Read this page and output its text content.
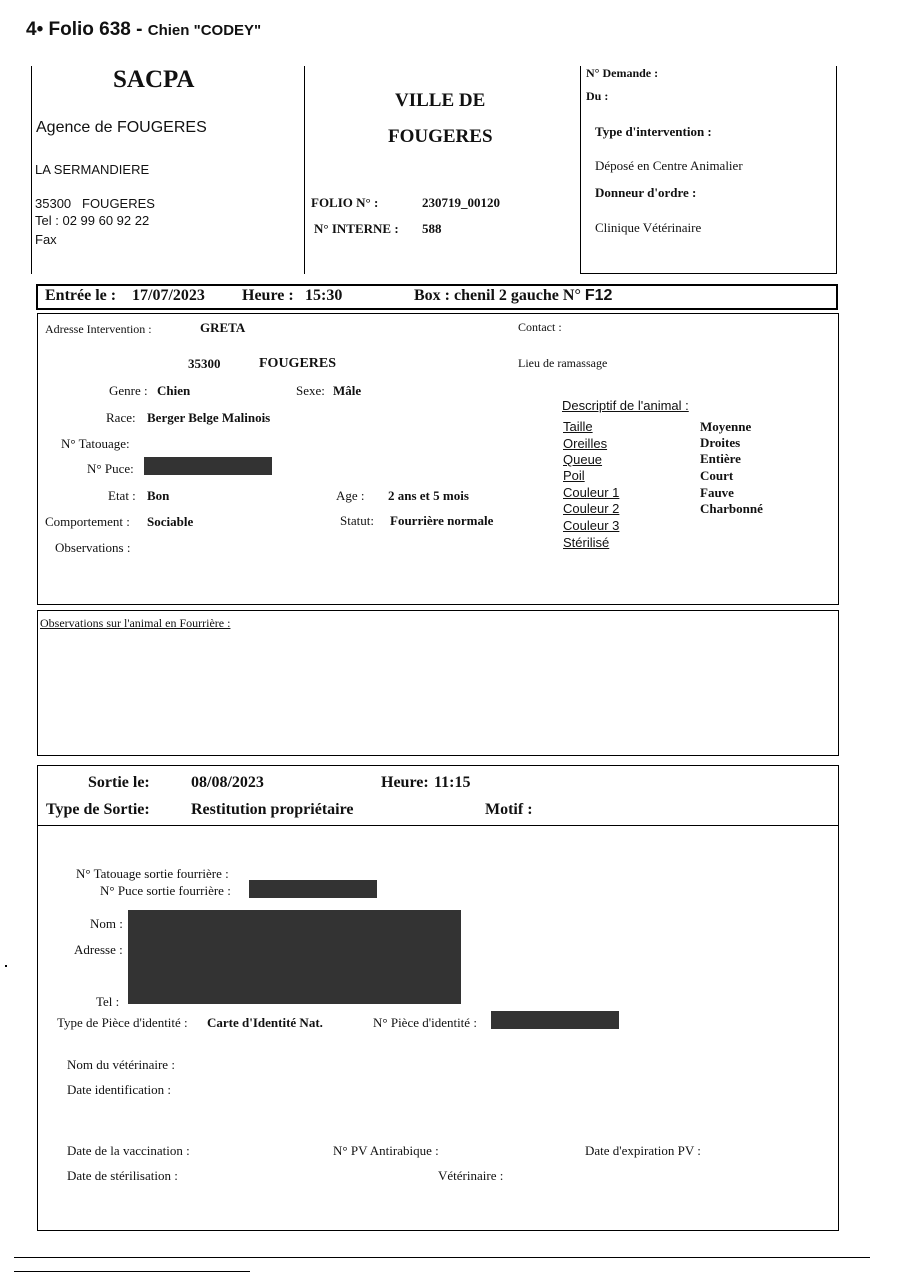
4• Folio 638 - Chien "CODEY"
SACPA
Agence de FOUGERES
LA SERMANDIERE
35300 FOUGERES
Tel : 02 99 60 92 22
Fax
VILLE DE
FOUGERES
FOLIO N° :	230719_00120
N° INTERNE : 588
N° Demande :
Du :
Type d'intervention :
Déposé en Centre Animalier
Donneur d'ordre :
Clinique Vétérinaire
Entrée le : 17/07/2023 Heure : 15:30	Box : chenil 2 gauche N° F12
Adresse Intervention :	GRETA
35300	FOUGERES
Contact :
Lieu de ramassage
Genre : Chien	Sexe: Mâle
Race: Berger Belge Malinois
N° Tatouage:
N° Puce:
Etat : Bon	Age : 2 ans et 5 mois
Comportement : Sociable	Statut: Fourrière normale
Observations :
Descriptif de l'animal :
Taille	Moyenne
Oreilles	Droites
Queue	Entière
Poil	Court
Couleur 1	Fauve
Couleur 2	Charbonné
Couleur 3
Stérilisé
Observations sur l'animal en Fourrière :
Sortie le:	08/08/2023	Heure: 11:15
Type de Sortie:	Restitution propriétaire	Motif :
N° Tatouage sortie fourrière :
N° Puce sortie fourrière :
Nom :
Adresse :
Tel :
Type de Pièce d'identité : Carte d'Identité Nat.	N° Pièce d'identité :
Nom du vétérinaire :
Date identification :
Date de la vaccination :	N° PV Antirabique :	Date d'expiration PV :
Date de stérilisation :	Vétérinaire :
